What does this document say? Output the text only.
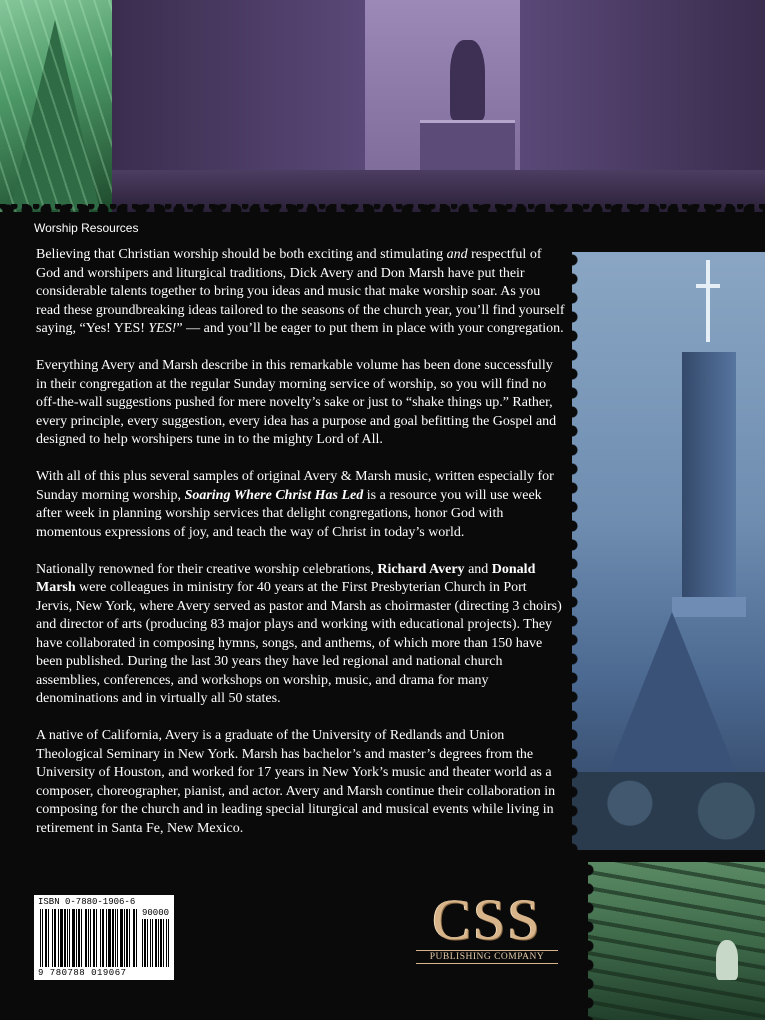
Worship Resources

Believing that Christian worship should be both exciting and stimulating and respectful of God and worshipers and liturgical traditions, Dick Avery and Don Marsh have put their considerable talents together to bring you ideas and music that make worship soar. As you read these groundbreaking ideas tailored to the seasons of the church year, you’ll find yourself saying, “Yes! YES! YES!” — and you’ll be eager to put them in place with your congregation.

Everything Avery and Marsh describe in this remarkable volume has been done successfully in their congregation at the regular Sunday morning service of worship, so you will find no off-the-wall suggestions pushed for mere novelty’s sake or just to “shake things up.” Rather, every principle, every suggestion, every idea has a purpose and goal befitting the Gospel and designed to help worshipers tune in to the mighty Lord of All.

With all of this plus several samples of original Avery & Marsh music, written especially for Sunday morning worship, Soaring Where Christ Has Led is a resource you will use week after week in planning worship services that delight congregations, honor God with momentous expressions of joy, and teach the way of Christ in today’s world.

Nationally renowned for their creative worship celebrations, Richard Avery and Donald Marsh were colleagues in ministry for 40 years at the First Presbyterian Church in Port Jervis, New York, where Avery served as pastor and Marsh as choirmaster (directing 3 choirs) and director of arts (producing 83 major plays and working with educational projects). They have collaborated in composing hymns, songs, and anthems, of which more than 150 have been published. During the last 30 years they have led regional and national church assemblies, conferences, and workshops on worship, music, and drama for many denominations and in virtually all 50 states.

A native of California, Avery is a graduate of the University of Redlands and Union Theological Seminary in New York. Marsh has bachelor’s and master’s degrees from the University of Houston, and worked for 17 years in New York’s music and theater world as a composer, choreographer, pianist, and actor. Avery and Marsh continue their collaboration in composing for the church and in leading special liturgical and musical events while living in retirement in Santa Fe, New Mexico.

ISBN 0-7880-1906-6
90000
9 780788 019067
CSS
PUBLISHING COMPANY
